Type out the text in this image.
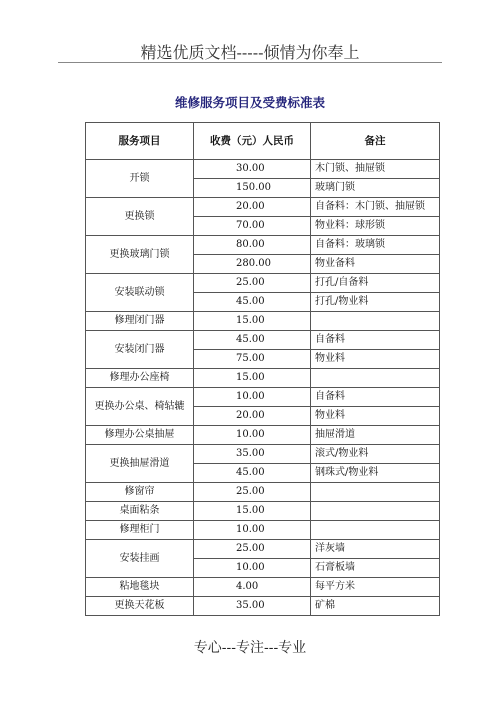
精选优质文档-----倾情为你奉上
维修服务项目及受费标准表
服务项目	收费（元）人民币	备注
开锁	30.00	木门锁、抽屉锁
	150.00	玻璃门锁
更换锁	20.00	自备料：木门锁、抽屉锁
	70.00	物业料：球形锁
更换玻璃门锁	80.00	自备料：玻璃锁
	280.00	物业备料
安装联动锁	25.00	打孔/自备料
	45.00	打孔/物业料
修理闭门器	15.00	
安装闭门器	45.00	自备料
	75.00	物业料
修理办公座椅	15.00	
更换办公桌、椅轱辘	10.00	自备料
	20.00	物业料
修理办公桌抽屉	10.00	抽屉滑道
更换抽屉滑道	35.00	滚式/物业料
	45.00	钢珠式/物业料
修窗帘	25.00	
桌面粘条	15.00	
修理柜门	10.00	
安装挂画	25.00	洋灰墙
	10.00	石膏板墙
粘地毯块	4.00	每平方米
更换天花板	35.00	矿棉
专心---专注---专业
